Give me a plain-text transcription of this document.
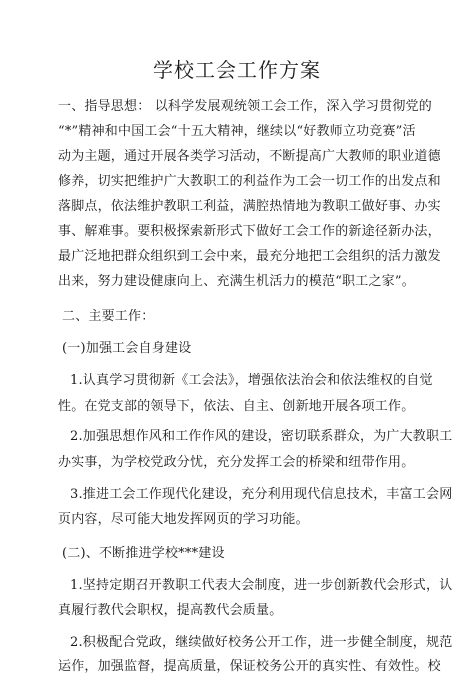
学校工会工作方案
一、指导思想： 以科学发展观统领工会工作，深入学习贯彻党的
“*”精神和中国工会“十五大精神，继续以“好教师立功竞赛”活
动为主题，通过开展各类学习活动，不断提高广大教师的职业道德
修养，切实把维护广大教职工的利益作为工会一切工作的出发点和
落脚点，依法维护教职工利益，满腔热情地为教职工做好事、办实
事、解难事。要积极探索新形式下做好工会工作的新途径新办法，
最广泛地把群众组织到工会中来，最充分地把工会组织的活力激发
出来，努力建设健康向上、充满生机活力的模范“职工之家”。
二、主要工作：
(一)加强工会自身建设
1.认真学习贯彻新《工会法》，增强依法治会和依法维权的自觉
性。在党支部的领导下，依法、自主、创新地开展各项工作。
2.加强思想作风和工作作风的建设，密切联系群众，为广大教职工
办实事，为学校党政分忧，充分发挥工会的桥梁和纽带作用。
3.推进工会工作现代化建设，充分利用现代信息技术，丰富工会网
页内容，尽可能大地发挥网页的学习功能。
(二)、不断推进学校***建设
1.坚持定期召开教职工代表大会制度，进一步创新教代会形式，认
真履行教代会职权，提高教代会质量。
2.积极配合党政，继续做好校务公开工作，进一步健全制度，规范
运作，加强监督，提高质量，保证校务公开的真实性、有效性。校
